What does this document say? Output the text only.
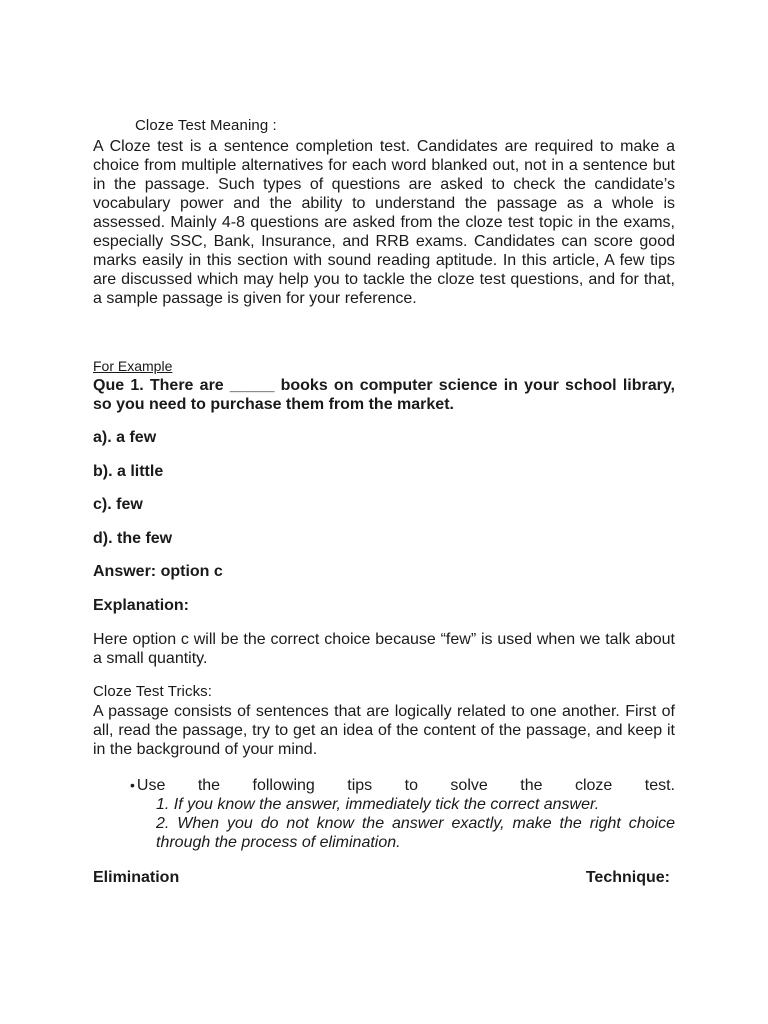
Cloze Test Meaning :

A Cloze test is a sentence completion test. Candidates are required to make a choice from multiple alternatives for each word blanked out, not in a sentence but in the passage. Such types of questions are asked to check the candidate’s vocabulary power and the ability to understand the passage as a whole is assessed. Mainly 4-8 questions are asked from the cloze test topic in the exams, especially SSC, Bank, Insurance, and RRB exams. Candidates can score good marks easily in this section with sound reading aptitude. In this article, A few tips are discussed which may help you to tackle the cloze test questions, and for that, a sample passage is given for your reference.

For Example

Que 1. There are _____ books on computer science in your school library, so you need to purchase them from the market.

a). a few
b). a little
c). few
d). the few
Answer: option c
Explanation:

Here option c will be the correct choice because “few” is used when we talk about a small quantity.

Cloze Test Tricks:

A passage consists of sentences that are logically related to one another. First of all, read the passage, try to get an idea of the content of the passage, and keep it in the background of your mind.

• Use the following tips to solve the cloze test.

1. If you know the answer, immediately tick the correct answer.

2. When you do not know the answer exactly, make the right choice through the process of elimination.

Elimination	Technique:
